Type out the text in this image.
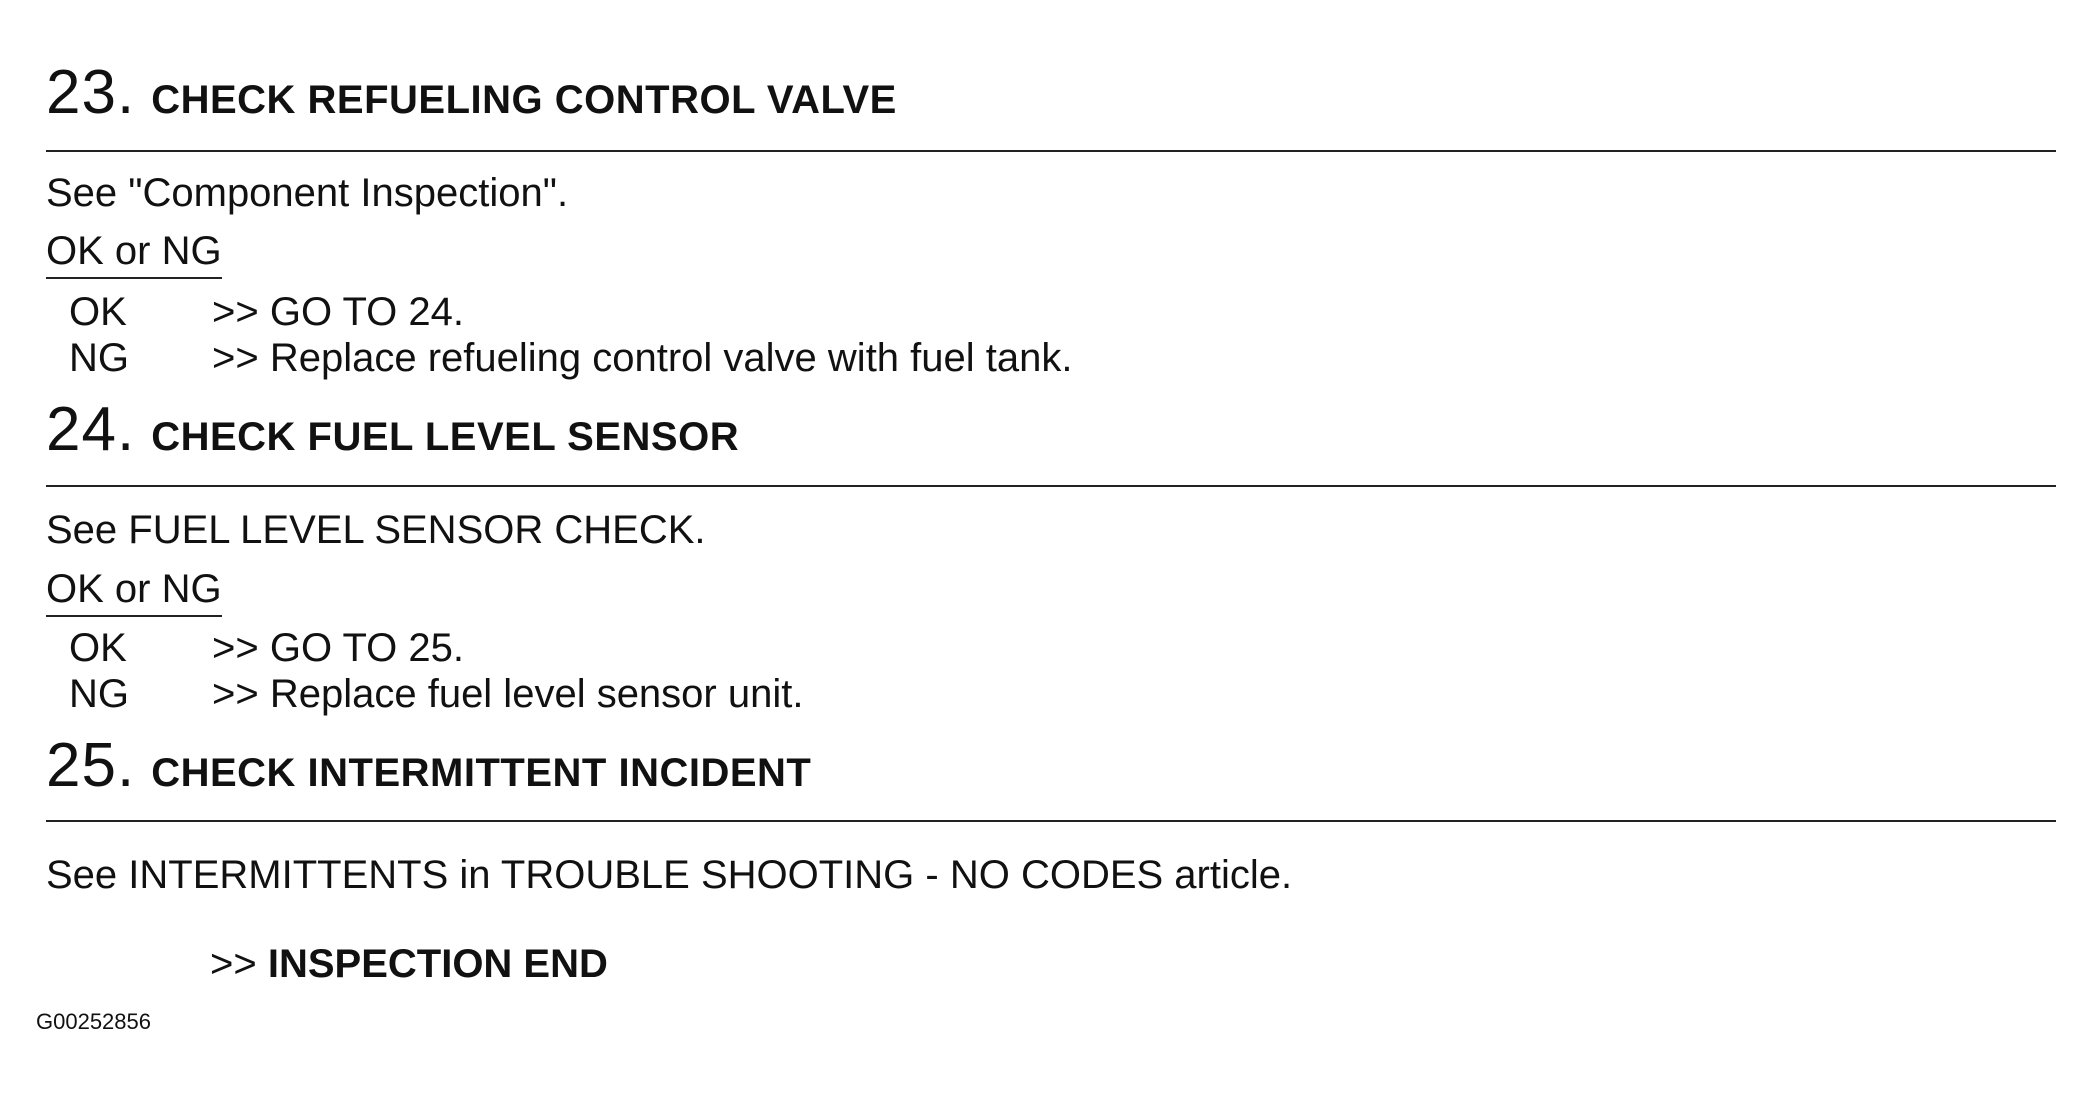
23. CHECK REFUELING CONTROL VALVE
See "Component Inspection".
OK or NG
OK >> GO TO 24.
NG >> Replace refueling control valve with fuel tank.
24. CHECK FUEL LEVEL SENSOR
See FUEL LEVEL SENSOR CHECK.
OK or NG
OK >> GO TO 25.
NG >> Replace fuel level sensor unit.
25. CHECK INTERMITTENT INCIDENT
See INTERMITTENTS in TROUBLE SHOOTING - NO CODES article.
>> INSPECTION END
G00252856
